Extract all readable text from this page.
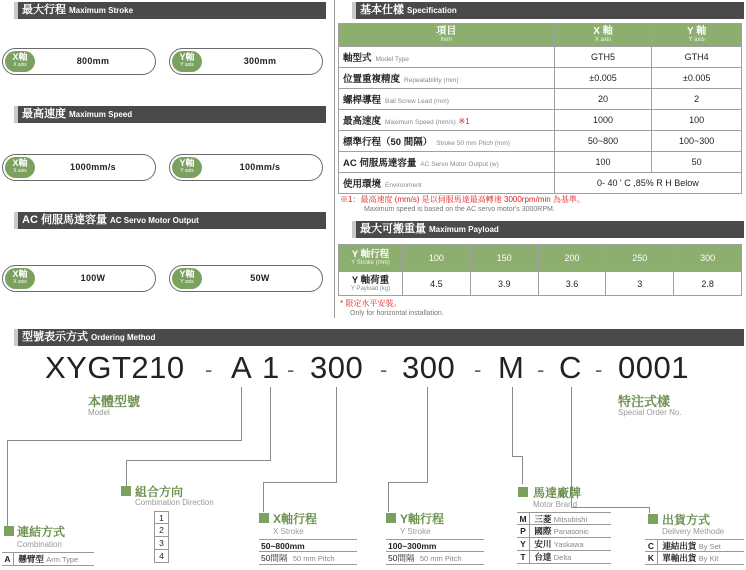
最大行程 Maximum Stroke
X軸
X axis	800mm	Y軸
Y axis	300mm
最高速度 Maximum Speed
X軸
X axis	1000mm/s	Y軸
Y axis	100mm/s
AC 伺服馬達容量 AC Servo Motor Output
X軸
X axis	100W	Y軸
Y axis	50W
基本仕樣 Specification
項目
Item	X 軸
X axis	Y 軸
Y axis

軸型式 Model Type	GTH5	GTH4
位置重複精度 Repeatability (mm)	±0.005	±0.005
螺桿導程 Ball Screw Lead (mm)	20	2
最高速度 Maximum Speed (mm/s) ※1	1000	100
標準行程（50 間隔） Stroke 50 mm Pitch (mm)	50~800	100~300
AC 伺服馬達容量 AC Servo Motor Output (w)	100	50
使用環境 Environment	0- 40 ' C ,85% R H Below	
※1：最高速度 (mm/s) 是以伺服馬達最高轉速 3000rpm/min 為基準。
Maximum speed is based on the AC servo motor's 3000RPM.
最大可搬重量 Maximum Payload
Y 軸行程
Y Stroke (mm)	100	150	200	250	300

Y 軸荷重
Y Payload (kg)	4.5	3.9	3.6	3	2.8
* 限定水平安裝。
Only for horizontal installation.
型號表示方式 Ordering Method
XYGT210 - A 1 - 300 - 300 - M - C - 0001
本體型號
Model
特注式樣
Special Order No.
連結方式
Combination
A 懸臂型 Arm Type
組合方向
Combination Direction
1
2
3
4
X軸行程
X Stroke
50~800mm
50間隔 50 mm Pitch
Y軸行程
Y Stroke
100~300mm
50間隔 50 mm Pitch
馬達廠牌
Motor Brand
M 三菱 Mitsubishi
P 國際 Panasonic
Y 安川 Yaskawa
T 台達 Delta
出貨方式
Delivery Methode
C 連結出貨 By Set
K 單軸出貨 By Kit
